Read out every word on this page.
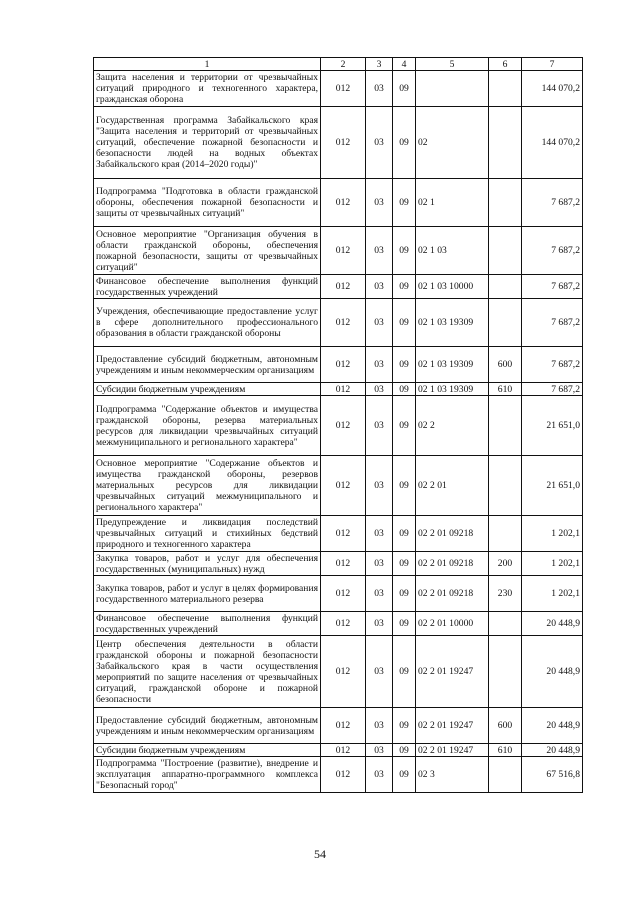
1	2	3	4	5	6	7
Защита населения и территории от чрезвычайных ситуаций природного и техногенного характера, гражданская оборона	012	03	09			144 070,2
Государственная программа Забайкальского края "Защита населения и территорий от чрезвычайных ситуаций, обеспечение пожарной безопасности и безопасности людей на водных объектах Забайкальского края (2014–2020 годы)"	012	03	09	02		144 070,2
Подпрограмма "Подготовка в области гражданской обороны, обеспечения пожарной безопасности и защиты от чрезвычайных ситуаций"	012	03	09	02 1		7 687,2
Основное мероприятие "Организация обучения в области гражданской обороны, обеспечения пожарной безопасности, защиты от чрезвычайных ситуаций"	012	03	09	02 1 03		7 687,2
Финансовое обеспечение выполнения функций государственных учреждений	012	03	09	02 1 03 10000		7 687,2
Учреждения, обеспечивающие предоставление услуг в сфере дополнительного профессионального образования в области гражданской обороны	012	03	09	02 1 03 19309		7 687,2
Предоставление субсидий бюджетным, автономным учреждениям и иным некоммерческим организациям	012	03	09	02 1 03 19309	600	7 687,2
Субсидии бюджетным учреждениям	012	03	09	02 1 03 19309	610	7 687,2
Подпрограмма "Содержание объектов и имущества гражданской обороны, резерва материальных ресурсов для ликвидации чрезвычайных ситуаций межмуниципального и регионального характера"	012	03	09	02 2		21 651,0
Основное мероприятие "Содержание объектов и имущества гражданской обороны, резервов материальных ресурсов для ликвидации чрезвычайных ситуаций межмуниципального и регионального характера"	012	03	09	02 2 01		21 651,0
Предупреждение и ликвидация последствий чрезвычайных ситуаций и стихийных бедствий природного и техногенного характера	012	03	09	02 2 01 09218		1 202,1
Закупка товаров, работ и услуг для обеспечения государственных (муниципальных) нужд	012	03	09	02 2 01 09218	200	1 202,1
Закупка товаров, работ и услуг в целях формирования государственного материального резерва	012	03	09	02 2 01 09218	230	1 202,1
Финансовое обеспечение выполнения функций государственных учреждений	012	03	09	02 2 01 10000		20 448,9
Центр обеспечения деятельности в области гражданской обороны и пожарной безопасности Забайкальского края в части осуществления мероприятий по защите населения от чрезвычайных ситуаций, гражданской обороне и пожарной безопасности	012	03	09	02 2 01 19247		20 448,9
Предоставление субсидий бюджетным, автономным учреждениям и иным некоммерческим организациям	012	03	09	02 2 01 19247	600	20 448,9
Субсидии бюджетным учреждениям	012	03	09	02 2 01 19247	610	20 448,9
Подпрограмма "Построение (развитие), внедрение и эксплуатация аппаратно-программного комплекса "Безопасный город"	012	03	09	02 3		67 516,8
54
